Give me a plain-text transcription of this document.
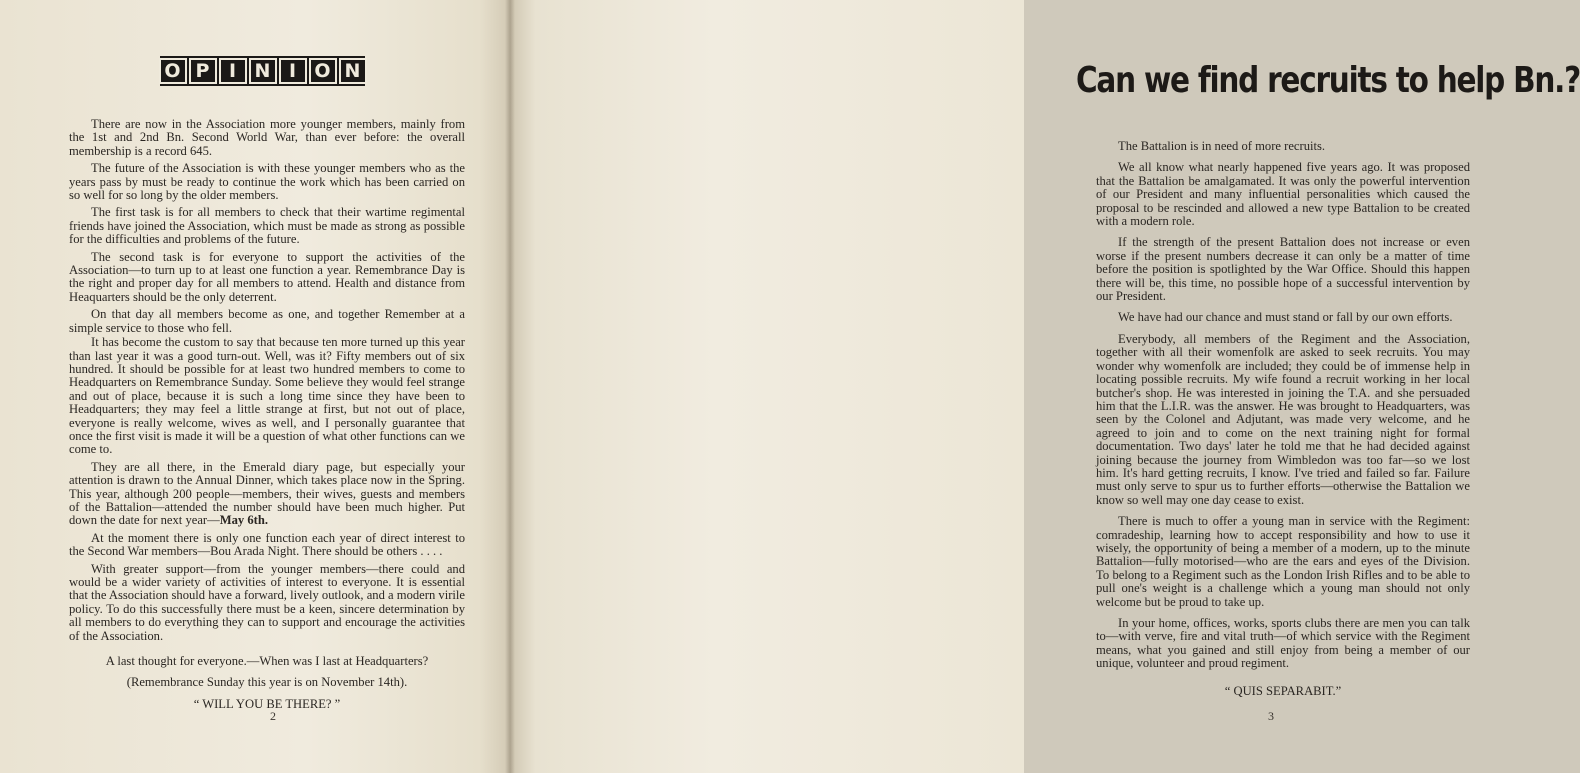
O P	I N I O N

There are now in the Association more younger members, mainly from the 1st and 2nd Bn. Second World War, than ever before: the overall membership is a record 645.

The future of the Association is with these younger members who as the years pass by must be ready to continue the work which has been carried on so well for so long by the older members.

The first task is for all members to check that their wartime regimental friends have joined the Association, which must be made as strong as possible for the difficulties and problems of the future.

The second task is for everyone to support the activities of the Association—to turn up to at least one function a year. Remembrance Day is the right and proper day for all members to attend. Health and distance from Heaquarters should be the only deterrent.

On that day all members become as one, and together Remember at a simple service to those who fell.

It has become the custom to say that because ten more turned up this year than last year it was a good turn-out. Well, was it? Fifty members out of six hundred. It should be possible for at least two hundred members to come to Headquarters on Remembrance Sunday. Some believe they would feel strange and out of place, because it is such a long time since they have been to Headquarters; they may feel a little strange at first, but not out of place, everyone is really welcome, wives as well, and I personally guarantee that once the first visit is made it will be a question of what other functions can we come to.

They are all there, in the Emerald diary page, but especially your attention is drawn to the Annual Dinner, which takes place now in the Spring. This year, although 200 people—members, their wives, guests and members of the Battalion—attended the number should have been much higher. Put down the date for next year—May 6th.

At the moment there is only one function each year of direct interest to the Second War members—Bou Arada Night. There should be others . . . .

With greater support—from the younger members—there could and would be a wider variety of activities of interest to everyone. It is essential that the Association should have a forward, lively outlook, and a modern virile policy. To do this successfully there must be a keen, sincere determination by all members to do everything they can to support and encourage the activities of the Association.

A last thought for everyone.—When was I last at Headquarters?

(Remembrance Sunday this year is on November 14th).

“ WILL YOU BE THERE? ”

2
Can we find recruits to help Bn.?

The Battalion is in need of more recruits.

We all know what nearly happened five years ago. It was proposed that the Battalion be amalgamated. It was only the powerful intervention of our President and many influential personalities which caused the proposal to be rescinded and allowed a new type Battalion to be created with a modern role.

If the strength of the present Battalion does not increase or even worse if the present numbers decrease it can only be a matter of time before the position is spotlighted by the War Office. Should this happen there will be, this time, no possible hope of a successful intervention by our President.

We have had our chance and must stand or fall by our own efforts.

Everybody, all members of the Regiment and the Association, together with all their womenfolk are asked to seek recruits. You may wonder why womenfolk are included; they could be of immense help in locating possible recruits. My wife found a recruit working in her local butcher's shop. He was interested in joining the T.A. and she persuaded him that the L.I.R. was the answer. He was brought to Headquarters, was seen by the Colonel and Adjutant, was made very welcome, and he agreed to join and to come on the next training night for formal documentation. Two days' later he told me that he had decided against joining because the journey from Wimbledon was too far—so we lost him. It's hard getting recruits, I know. I've tried and failed so far. Failure must only serve to spur us to further efforts—otherwise the Battalion we know so well may one day cease to exist.

There is much to offer a young man in service with the Regiment: comradeship, learning how to accept responsibility and how to use it wisely, the opportunity of being a member of a modern, up to the minute Battalion—fully motorised—who are the ears and eyes of the Division. To belong to a Regiment such as the London Irish Rifles and to be able to pull one's weight is a challenge which a young man should not only welcome but be proud to take up.

In your home, offices, works, sports clubs there are men you can talk to—with verve, fire and vital truth—of which service with the Regiment means, what you gained and still enjoy from being a member of our unique, volunteer and proud regiment.

“ QUIS SEPARABIT.”

3
